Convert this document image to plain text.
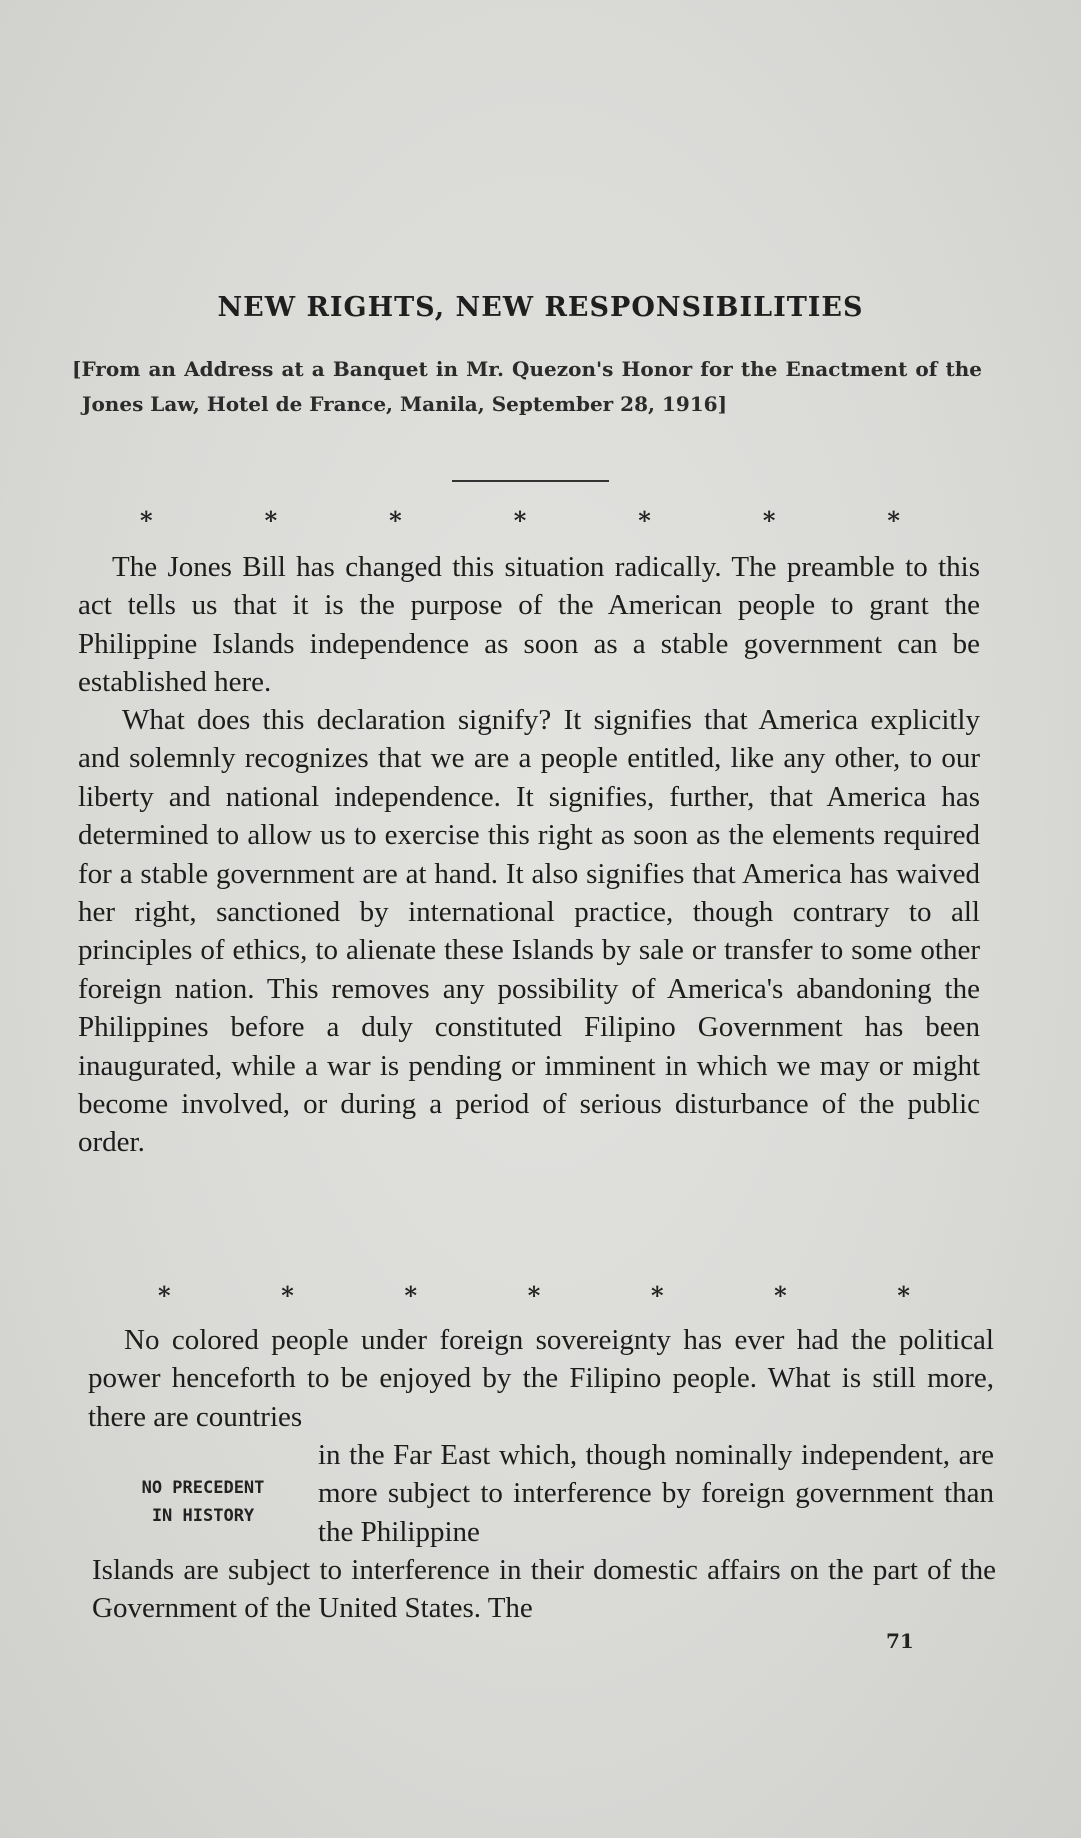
NEW RIGHTS, NEW RESPONSIBILITIES
[From an Address at a Banquet in Mr. Quezon's Honor for the Enactment of the Jones Law, Hotel de France, Manila, September 28, 1916]
*	*	*	*	*	*	*

The Jones Bill has changed this situation radically. The preamble to this act tells us that it is the purpose of the American people to grant the Philippine Islands independence as soon as a stable government can be established here.

What does this declaration signify? It signifies that America explicitly and solemnly recognizes that we are a people entitled, like any other, to our liberty and national independence. It signifies, further, that America has determined to allow us to exercise this right as soon as the elements required for a stable government are at hand. It also signifies that America has waived her right, sanctioned by international practice, though contrary to all principles of ethics, to alienate these Islands by sale or transfer to some other foreign nation. This removes any possibility of America's abandoning the Philippines before a duly constituted Filipino Government has been inaugurated, while a war is pending or imminent in which we may or might become involved, or during a period of serious disturbance of the public order.

*	*	*	*	*	*	*

No colored people under foreign sovereignty has ever had the political power henceforth to be enjoyed by the Filipino people. What is still more, there are countries

NO PRECEDENT
IN HISTORY

in the Far East which, though nominally independent, are more subject to interference by foreign government than the Philippine

Islands are subject to interference in their domestic affairs on the part of the Government of the United States. The

71
